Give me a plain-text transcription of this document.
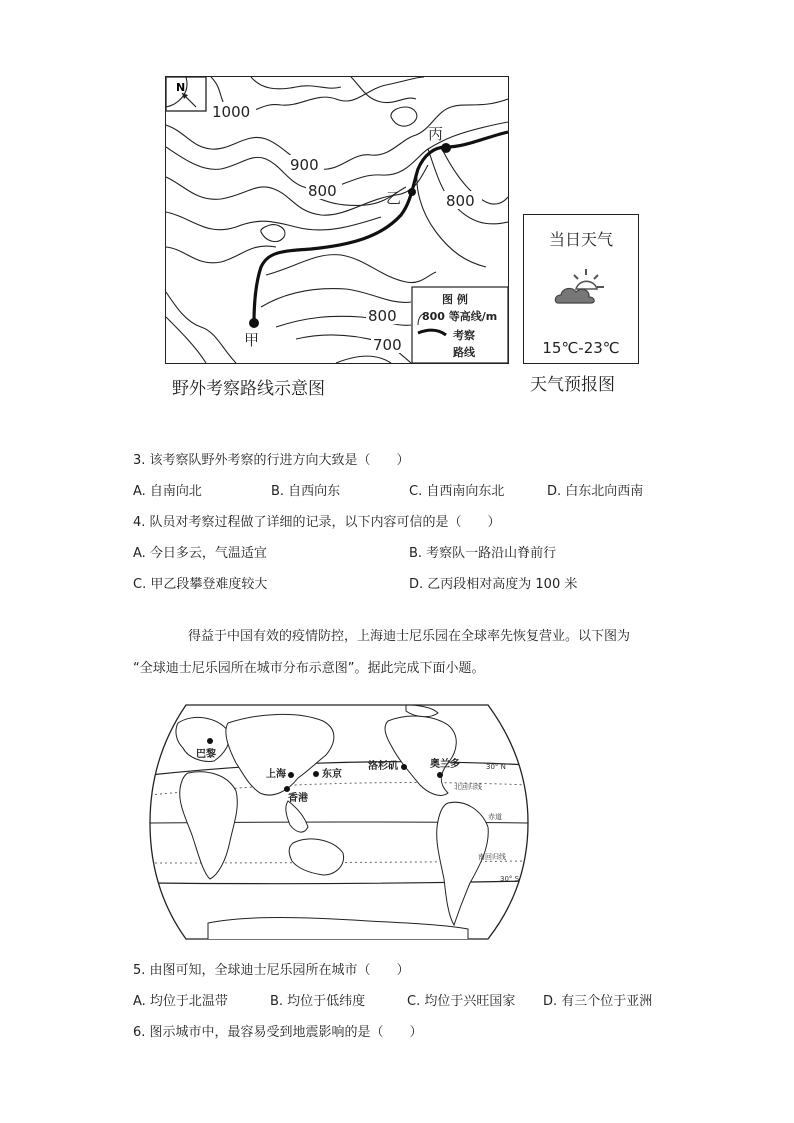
N
1000
900
800
800
800
700
甲
乙
丙
图 例
800 等高线/m
考察
路线
野外考察路线示意图
当日天气
15℃-23℃
天气预报图
3. 该考察队野外考察的行进方向大致是（　　）
A. 自南向北	B. 自西向东	C. 自西南向东北	D. 白东北向西南
4. 队员对考察过程做了详细的记录，以下内容可信的是（　　）
A. 今日多云，气温适宜	B. 考察队一路沿山脊前行
C. 甲乙段攀登难度较大	D. 乙丙段相对高度为 100 米
得益于中国有效的疫情防控，上海迪士尼乐园在全球率先恢复营业。以下图为
“全球迪士尼乐园所在城市分布示意图”。据此完成下面小题。
巴黎
上海	东京
香港
洛杉矶	奥兰多	30° N
北回归线
赤道
南回归线
30° S
5. 由图可知，全球迪士尼乐园所在城市（　　）
A. 均位于北温带	B. 均位于低纬度	C. 均位于兴旺国家 D. 有三个位于亚洲
6. 图示城市中，最容易受到地震影响的是（　　）
